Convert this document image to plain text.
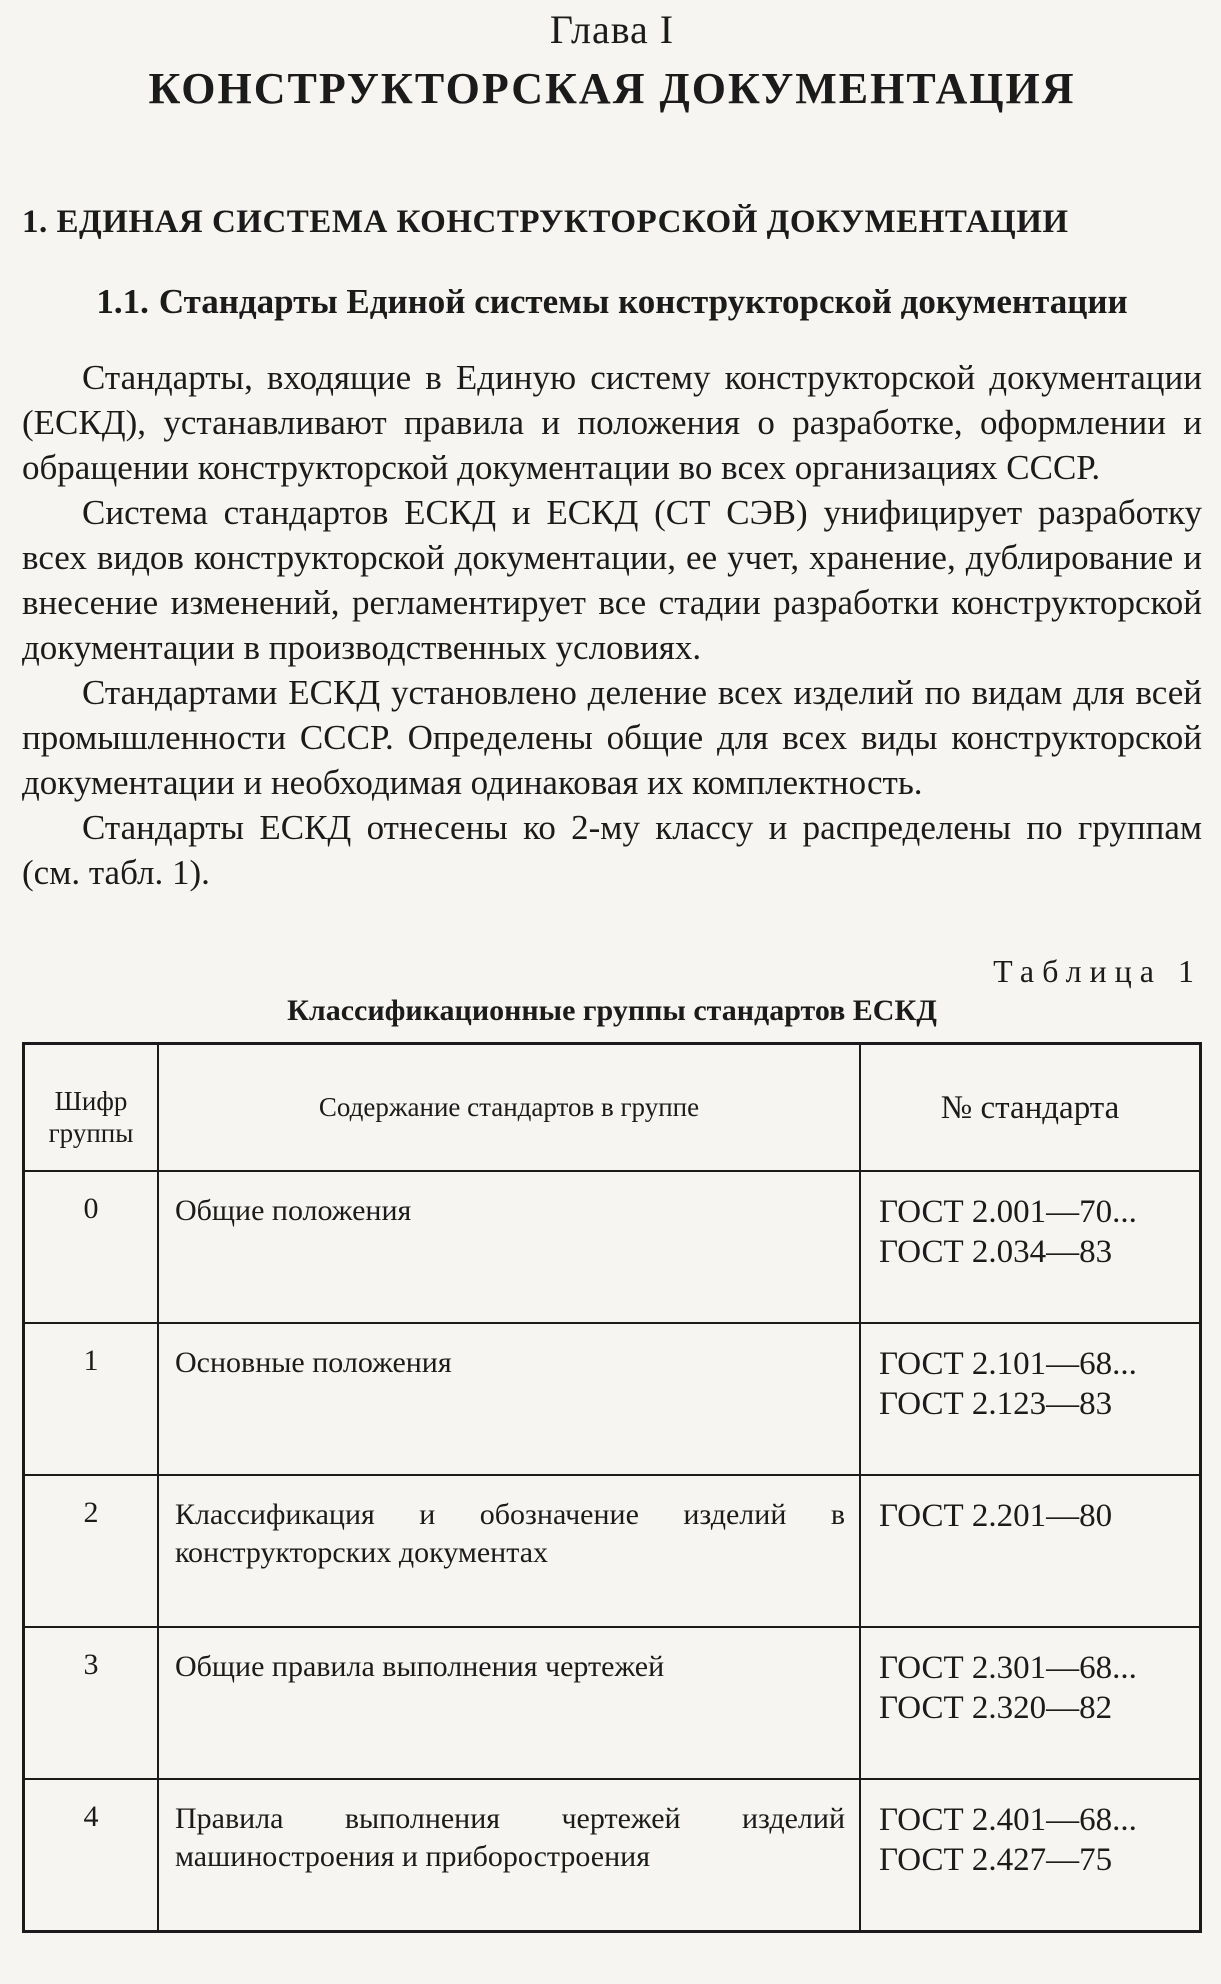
Глава I
КОНСТРУКТОРСКАЯ ДОКУМЕНТАЦИЯ
1. ЕДИНАЯ СИСТЕМА КОНСТРУКТОРСКОЙ ДОКУМЕНТАЦИИ
1.1. Стандарты Единой системы конструкторской документации

Стандарты, входящие в Единую систему конструкторской документации (ЕСКД), устанавливают правила и положения о разработке, оформлении и обращении конструкторской документации во всех организациях СССР.

Система стандартов ЕСКД и ЕСКД (СТ СЭВ) унифицирует разработку всех видов конструкторской документации, ее учет, хранение, дублирование и внесение изменений, регламентирует все стадии разработки конструкторской документации в производственных условиях.

Стандартами ЕСКД установлено деление всех изделий по видам для всей промышленности СССР. Определены общие для всех виды конструкторской документации и необходимая одинаковая их комплектность.

Стандарты ЕСКД отнесены ко 2-му классу и распределены по группам (см. табл. 1).

Таблица 1
Классификационные группы стандартов ЕСКД
Шифр группы	Содержание стандартов в группе	№ стандарта
0	Общие положения	ГОСТ 2.001—70...
ГОСТ 2.034—83

1	Основные положения	ГОСТ 2.101—68...
ГОСТ 2.123—83

2	Классификация и обозначение изделий в конструкторских документах	ГОСТ 2.201—80

3	Общие правила выполнения чертежей	ГОСТ 2.301—68...
ГОСТ 2.320—82

4	Правила выполнения чертежей изделий машиностроения и приборостроения	ГОСТ 2.401—68...
ГОСТ 2.427—75
